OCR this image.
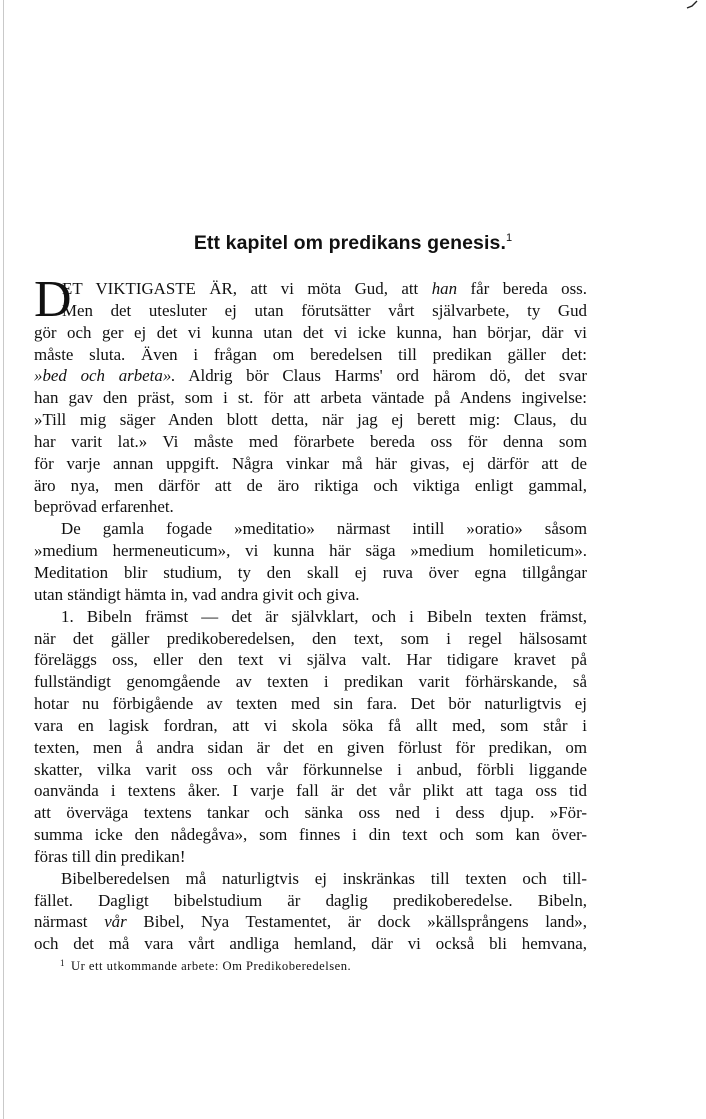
Ett kapitel om predikans genesis.$^1$
D
ET VIKTIGASTE ÄR, att vi möta Gud, att han får bereda oss.
Men det utesluter ej utan förutsätter vårt självarbete, ty Gud
gör och ger ej det vi kunna utan det vi icke kunna, han börjar, där vi
måste sluta. Även i frågan om beredelsen till predikan gäller det:
»bed och arbeta». Aldrig bör Claus Harms' ord härom dö, det svar
han gav den präst, som i st. för att arbeta väntade på Andens ingivelse:
»Till mig säger Anden blott detta, när jag ej berett mig: Claus, du
har varit lat.» Vi måste med förarbete bereda oss för denna som
för varje annan uppgift. Några vinkar må här givas, ej därför att de
äro nya, men därför att de äro riktiga och viktiga enligt gammal,
beprövad erfarenhet.
De gamla fogade »meditatio» närmast intill »oratio» såsom
»medium hermeneuticum», vi kunna här säga »medium homileticum».
Meditation blir studium, ty den skall ej ruva över egna tillgångar
utan ständigt hämta in, vad andra givit och giva.
1. Bibeln främst — det är självklart, och i Bibeln texten främst,
när det gäller predikoberedelsen, den text, som i regel hälsosamt
föreläggs oss, eller den text vi själva valt. Har tidigare kravet på
fullständigt genomgående av texten i predikan varit förhärskande, så
hotar nu förbigående av texten med sin fara. Det bör naturligtvis ej
vara en lagisk fordran, att vi skola söka få allt med, som står i
texten, men å andra sidan är det en given förlust för predikan, om
skatter, vilka varit oss och vår förkunnelse i anbud, förbli liggande
oanvända i textens åker. I varje fall är det vår plikt att taga oss tid
att överväga textens tankar och sänka oss ned i dess djup. »För-
summa icke den nådegåva», som finnes i din text och som kan över-
föras till din predikan!
Bibelberedelsen må naturligtvis ej inskränkas till texten och till-
fället. Dagligt bibelstudium är daglig predikoberedelse. Bibeln,
närmast vår Bibel, Nya Testamentet, är dock »källsprångens land»,
och det må vara vårt andliga hemland, där vi också bli hemvana,
$^1$ Ur ett utkommande arbete: Om Predikoberedelsen.
